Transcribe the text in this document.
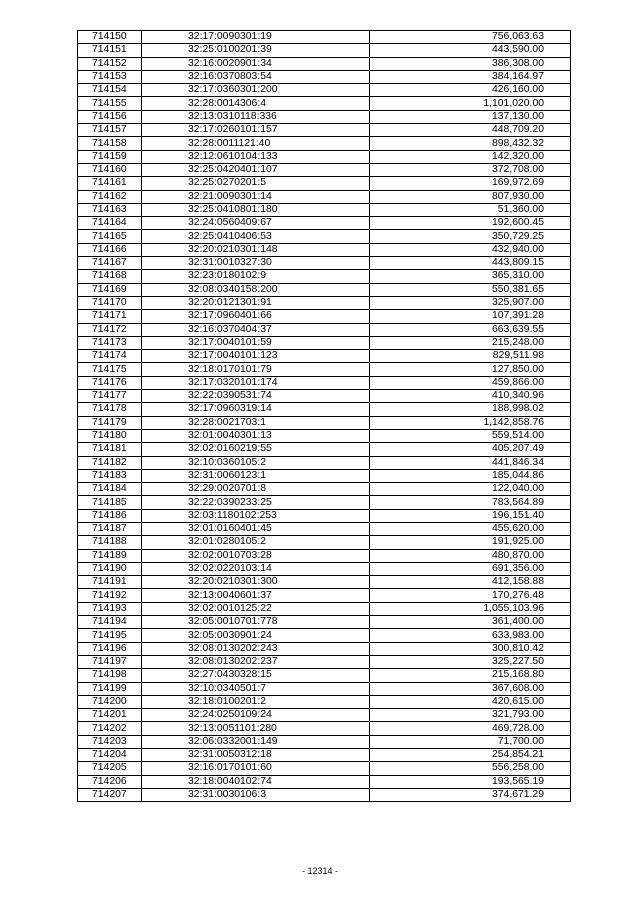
714150	32:17:0090301:19	756,063.63
714151	32:25:0100201:39	443,590.00
714152	32:16:0020901:34	386,308.00
714153	32:16:0370803:54	384,164.97
714154	32:17:0360301:200	426,160.00
714155	32:28:0014306:4	1,101,020.00
714156	32:13:0310118:336	137,130.00
714157	32:17:0260101:157	448,709.20
714158	32:28:0011121:40	898,432.32
714159	32:12:0610104:133	142,320.00
714160	32:25:0420401:107	372,708.00
714161	32:25:0270201:5	169,972.69
714162	32:21:0090301:14	807,930.00
714163	32:25:0410801:180	51,360.00
714164	32:24:0560409:67	192,600.45
714165	32:25:0410406:53	350,729.25
714166	32:20:0210301:148	432,940.00
714167	32:31:0010327:30	443,809.15
714168	32:23:0180102:9	365,310.00
714169	32:08:0340158:200	550,381.65
714170	32:20:0121301:91	325,907.00
714171	32:17:0960401:66	107,391.28
714172	32:16:0370404:37	663,639.55
714173	32:17:0040101:59	215,248.00
714174	32:17:0040101:123	829,511.98
714175	32:18:0170101:79	127,850.00
714176	32:17:0320101:174	459,866.00
714177	32:22:0390531:74	410,340.96
714178	32:17:0960319:14	188,998.02
714179	32:28:0021703:1	1,142,858.76
714180	32:01:0040301:13	559,514.00
714181	32:02:0160219:55	405,207.49
714182	32:10:0360105:2	441,846.34
714183	32:31:0060123:1	185,044.86
714184	32:29:0020701:8	122,040.00
714185	32:22:0390233:25	783,564.89
714186	32:03:1180102:253	196,151.40
714187	32:01:0160401:45	455,620.00
714188	32:01:0280105:2	191,925.00
714189	32:02:0010703:28	480,870.00
714190	32:02:0220103:14	691,356.00
714191	32:20:0210301:300	412,158.88
714192	32:13:0040601:37	170,276.48
714193	32:02:0010125:22	1,055,103.96
714194	32:05:0010701:778	361,400.00
714195	32:05:0030901:24	633,983.00
714196	32:08:0130202:243	300,810.42
714197	32:08:0130202:237	325,227.50
714198	32:27:0430328:15	215,168.80
714199	32:10:0340501:7	367,608.00
714200	32:18:0100201:2	420,615.00
714201	32:24:0250109:24	321,793.00
714202	32:13:0051101:280	469,728.00
714203	32:06:0332001:149	71,700.00
714204	32:31:0050312:18	254,854.21
714205	32:16:0170101:60	556,258.00
714206	32:18:0040102:74	193,565.19
714207	32:31:0030106:3	374,671.29
- 12314 -
